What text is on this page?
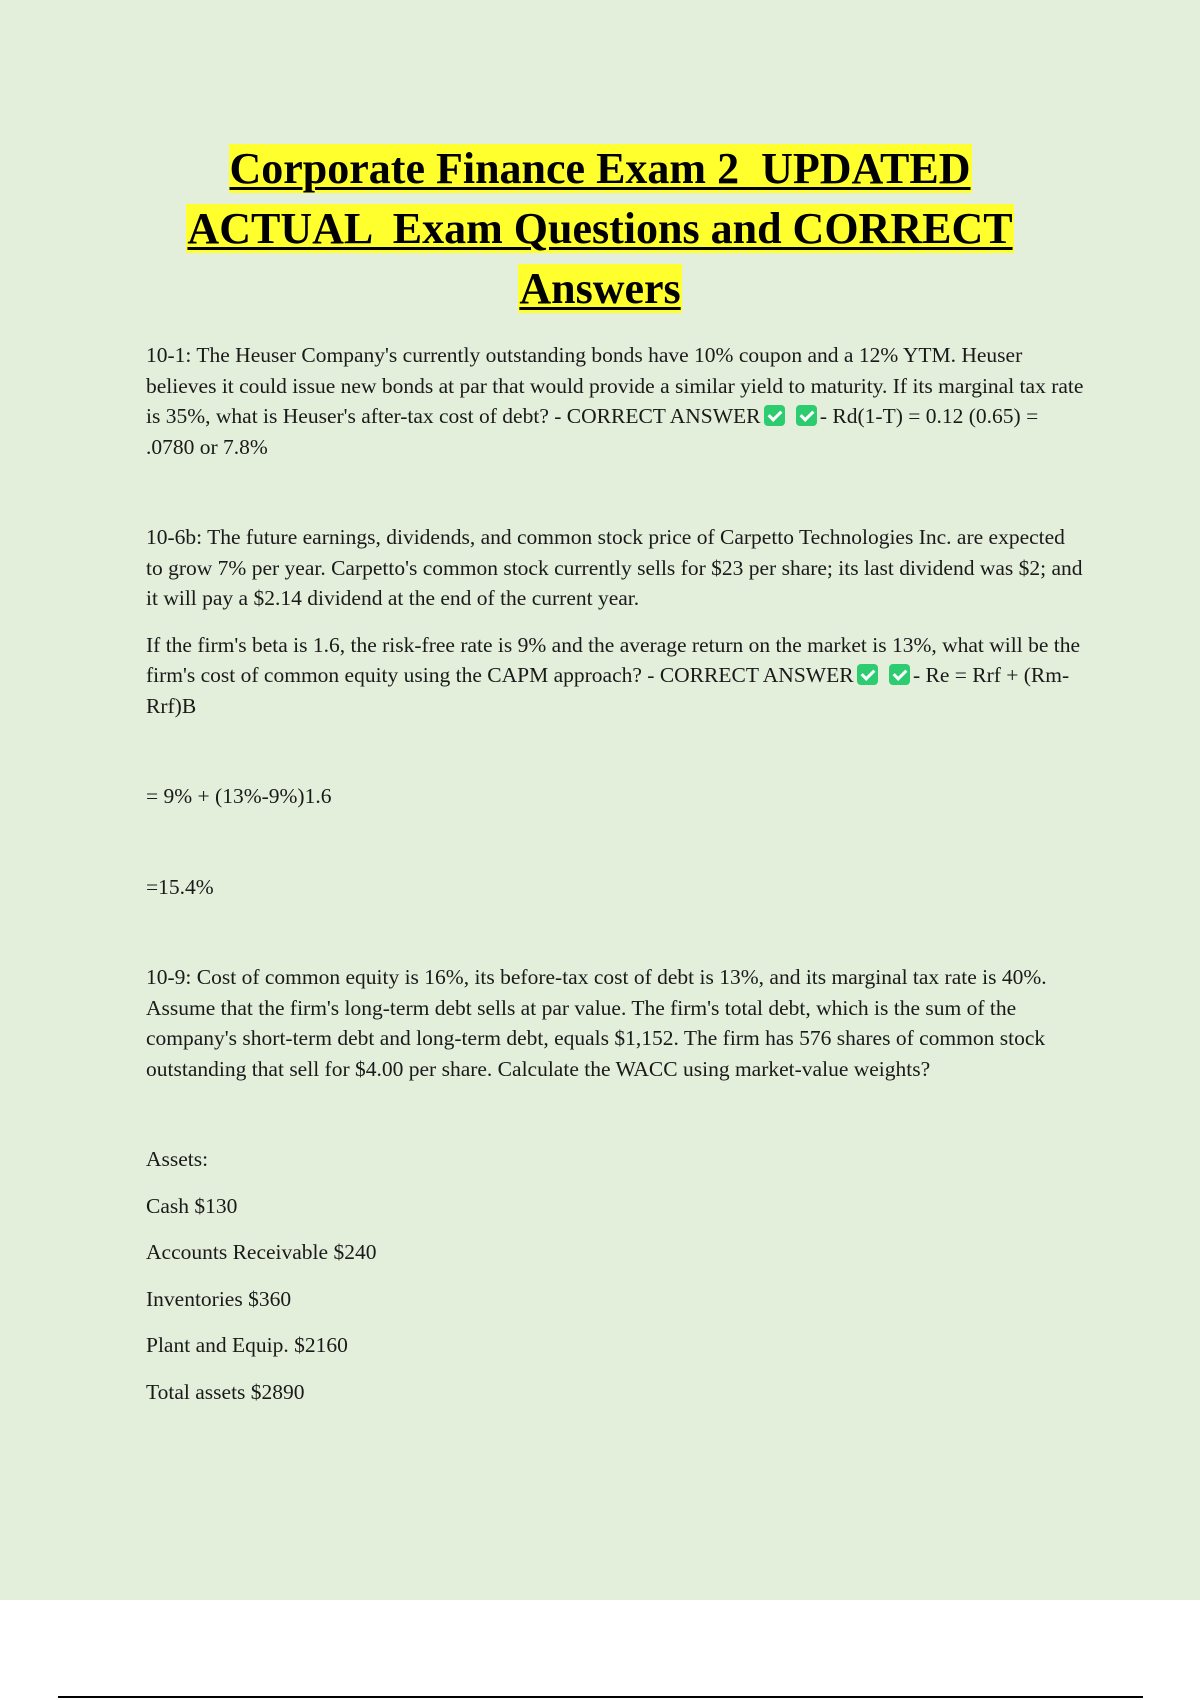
Corporate Finance Exam 2  UPDATED
ACTUAL  Exam Questions and CORRECT
Answers

10-1: The Heuser Company's currently outstanding bonds have 10% coupon and a 12% YTM. Heuser believes it could issue new bonds at par that would provide a similar yield to maturity. If its marginal tax rate is 35%, what is Heuser's after-tax cost of debt? - CORRECT ANSWER	- Rd(1-T) = 0.12 (0.65) = .0780 or 7.8%

10-6b: The future earnings, dividends, and common stock price of Carpetto Technologies Inc. are expected to grow 7% per year. Carpetto's common stock currently sells for $23 per share; its last dividend was $2; and it will pay a $2.14 dividend at the end of the current year.

If the firm's beta is 1.6, the risk-free rate is 9% and the average return on the market is 13%, what will be the firm's cost of common equity using the CAPM approach? - CORRECT ANSWER	- Re = Rrf + (Rm-Rrf)B

= 9% + (13%-9%)1.6

=15.4%

10-9: Cost of common equity is 16%, its before-tax cost of debt is 13%, and its marginal tax rate is 40%. Assume that the firm's long-term debt sells at par value. The firm's total debt, which is the sum of the company's short-term debt and long-term debt, equals $1,152. The firm has 576 shares of common stock outstanding that sell for $4.00 per share. Calculate the WACC using market-value weights?

Assets:

Cash $130

Accounts Receivable $240

Inventories $360

Plant and Equip. $2160

Total assets $2890
